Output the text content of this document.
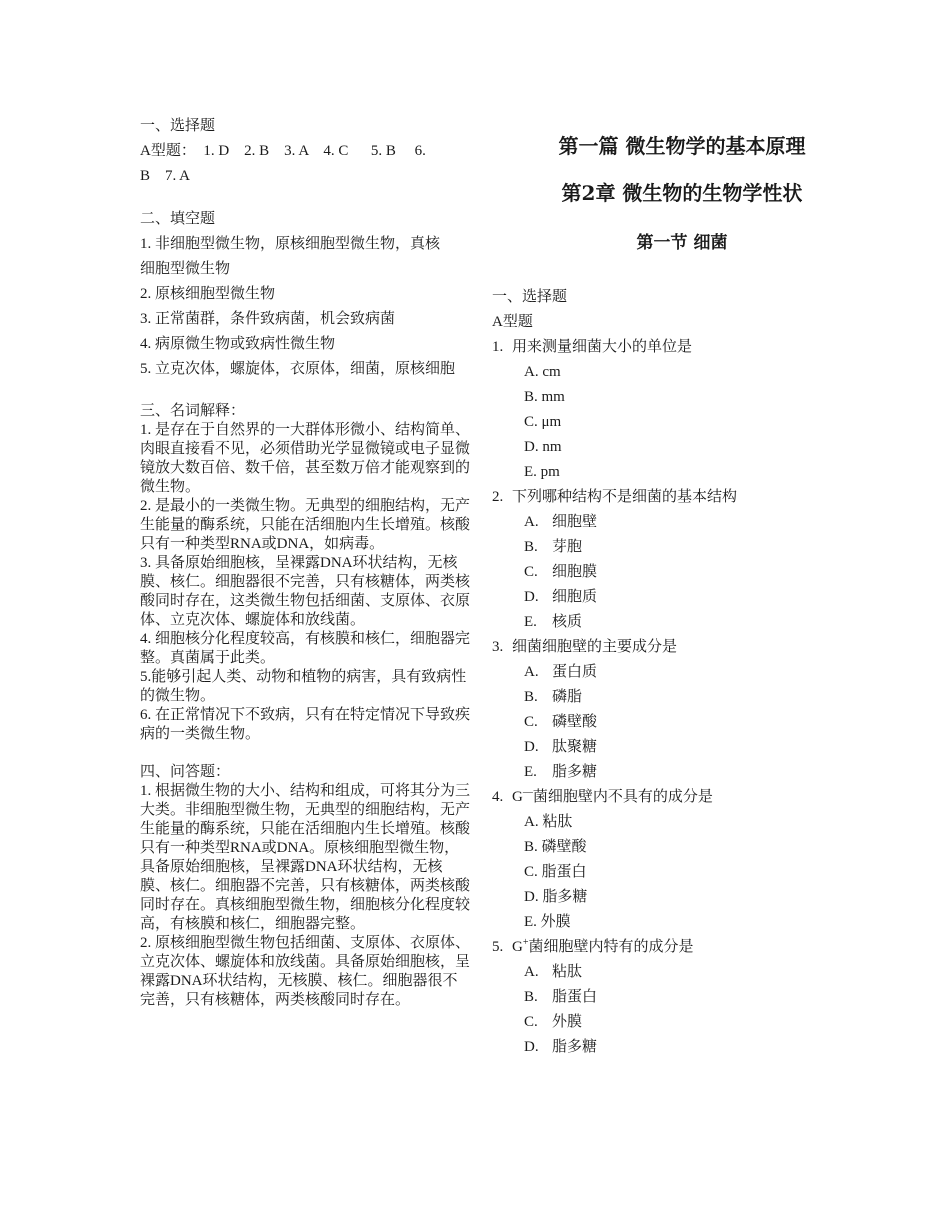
一、选择题
A型题：  1. D    2. B    3. A    4. C      5. B     6.
B    7. A
二、填空题
1. 非细胞型微生物，原核细胞型微生物，真核
细胞型微生物
2. 原核细胞型微生物
3. 正常菌群，条件致病菌，机会致病菌
4. 病原微生物或致病性微生物
5. 立克次体，螺旋体，衣原体，细菌，原核细胞

三、名词解释：

1. 是存在于自然界的一大群体形微小、结构简单、肉眼直接看不见，必须借助光学显微镜或电子显微镜放大数百倍、数千倍，甚至数万倍才能观察到的微生物。

2. 是最小的一类微生物。无典型的细胞结构，无产生能量的酶系统，只能在活细胞内生长增殖。核酸只有一种类型RNA或DNA，如病毒。

3. 具备原始细胞核，呈裸露DNA环状结构，无核膜、核仁。细胞器很不完善，只有核糖体，两类核酸同时存在，这类微生物包括细菌、支原体、衣原体、立克次体、螺旋体和放线菌。

4. 细胞核分化程度较高，有核膜和核仁，细胞器完整。真菌属于此类。

5.能够引起人类、动物和植物的病害，具有致病性的微生物。

6. 在正常情况下不致病，只有在特定情况下导致疾病的一类微生物。

四、问答题：

1. 根据微生物的大小、结构和组成，可将其分为三大类。非细胞型微生物，无典型的细胞结构，无产生能量的酶系统，只能在活细胞内生长增殖。核酸只有一种类型RNA或DNA。原核细胞型微生物，具备原始细胞核，呈裸露DNA环状结构，无核膜、核仁。细胞器不完善，只有核糖体，两类核酸同时存在。真核细胞型微生物，细胞核分化程度较高，有核膜和核仁，细胞器完整。

2. 原核细胞型微生物包括细菌、支原体、衣原体、立克次体、螺旋体和放线菌。具备原始细胞核，呈裸露DNA环状结构，无核膜、核仁。细胞器很不完善，只有核糖体，两类核酸同时存在。

第一篇 微生物学的基本原理
第2章 微生物的生物学性状
第一节 细菌
一、选择题
A型题
1. 用来测量细菌大小的单位是
A. cm
B. mm
C. μm
D. nm
E. pm
2. 下列哪种结构不是细菌的基本结构
A. 细胞壁
B. 芽胞
C. 细胞膜
D. 细胞质
E. 核质
3. 细菌细胞壁的主要成分是
A. 蛋白质
B. 磷脂
C. 磷壁酸
D. 肽聚糖
E. 脂多糖
4. G—菌细胞壁内不具有的成分是
A. 粘肽
B. 磷壁酸
C. 脂蛋白
D. 脂多糖
E. 外膜
5. G+菌细胞壁内特有的成分是
A. 粘肽
B. 脂蛋白
C. 外膜
D. 脂多糖
